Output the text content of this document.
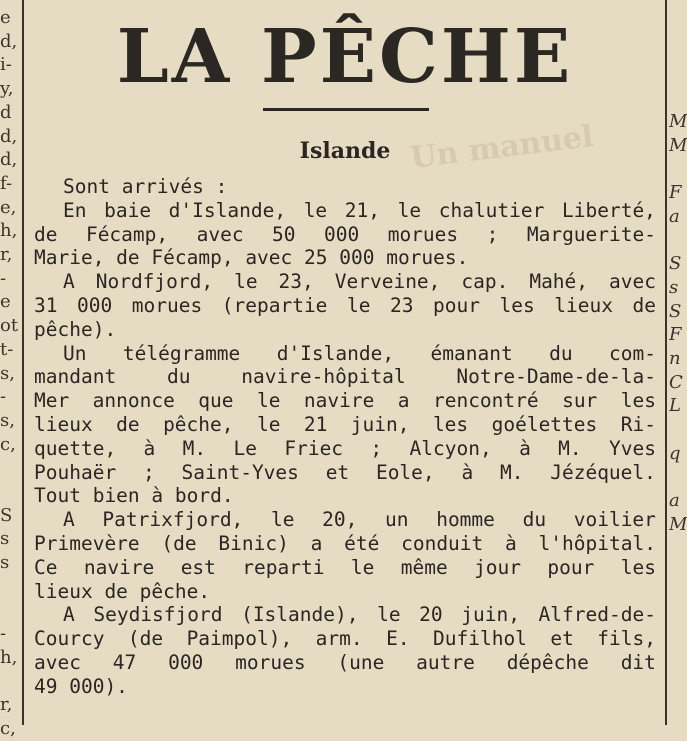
e
d,
i-
y,
d
d,
d,
f-
e,
h,
r,
-
e
ot
t-
s,
-
s,
c,

S
s
s

-
h,

r,
c,
M
M

F
a

S
s
S
F
n
C
L

q

a
M
Un manuel
LA PÊCHE
Islande
Sont arrivés :
En baie d'Islande, le 21, le chalutier Liberté,
de Fécamp, avec 50 000 morues ; Marguerite-
Marie, de Fécamp, avec 25 000 morues.
A Nordfjord, le 23, Verveine, cap. Mahé, avec
31 000 morues (repartie le 23 pour les lieux de
pêche).
Un télégramme d'Islande, émanant du com-
mandant	du	navire-hôpital	Notre-Dame-de-la-
Mer annonce que le navire a rencontré sur les
lieux de pêche, le 21 juin, les goélettes Ri-
quette, à M. Le Friec ; Alcyon, à M. Yves
Pouhaër ; Saint-Yves et Eole, à M. Jézéquel.
Tout bien à bord.
A Patrixfjord, le 20, un homme du voilier
Primevère (de Binic) a été conduit à l'hôpital.
Ce navire est reparti le même jour pour les
lieux de pêche.
A Seydisfjord (Islande), le 20 juin, Alfred-de-
Courcy (de Paimpol), arm. E. Dufilhol et fils,
avec 47 000 morues (une autre dépêche dit
49 000).
